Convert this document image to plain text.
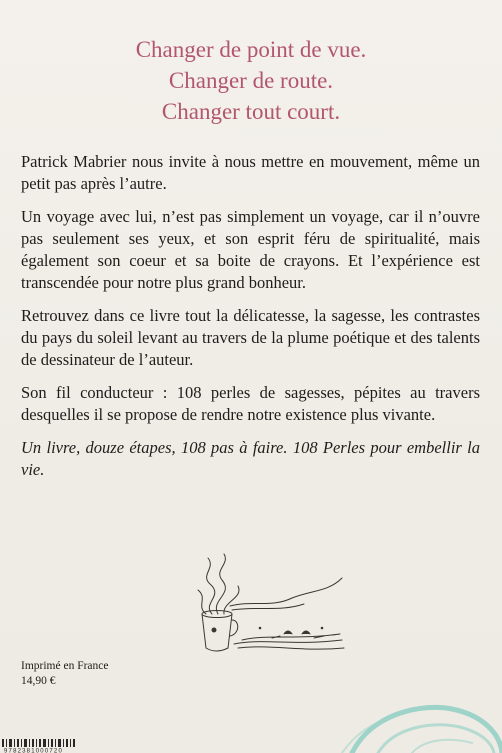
Changer de point de vue.
Changer de route.
Changer tout court.

Patrick Mabrier nous invite à nous mettre en mouvement, même un petit pas après l’autre.

Un voyage avec lui, n’est pas simplement un voyage, car il n’ouvre pas seulement ses yeux, et son esprit féru de spiritualité, mais également son coeur et sa boite de crayons. Et l’expérience est transcendée pour notre plus grand bonheur.

Retrouvez dans ce livre tout la délicatesse, la sagesse, les contrastes du pays du soleil levant au travers de la plume poétique et des talents de dessinateur de l’auteur.

Son fil conducteur : 108 perles de sagesses, pépites au travers desquelles il se propose de rendre notre existence plus vivante.

Un livre, douze étapes, 108 pas à faire. 108 Perles pour embellir la vie.

Imprimé en France
14,90 €
9782381000720
